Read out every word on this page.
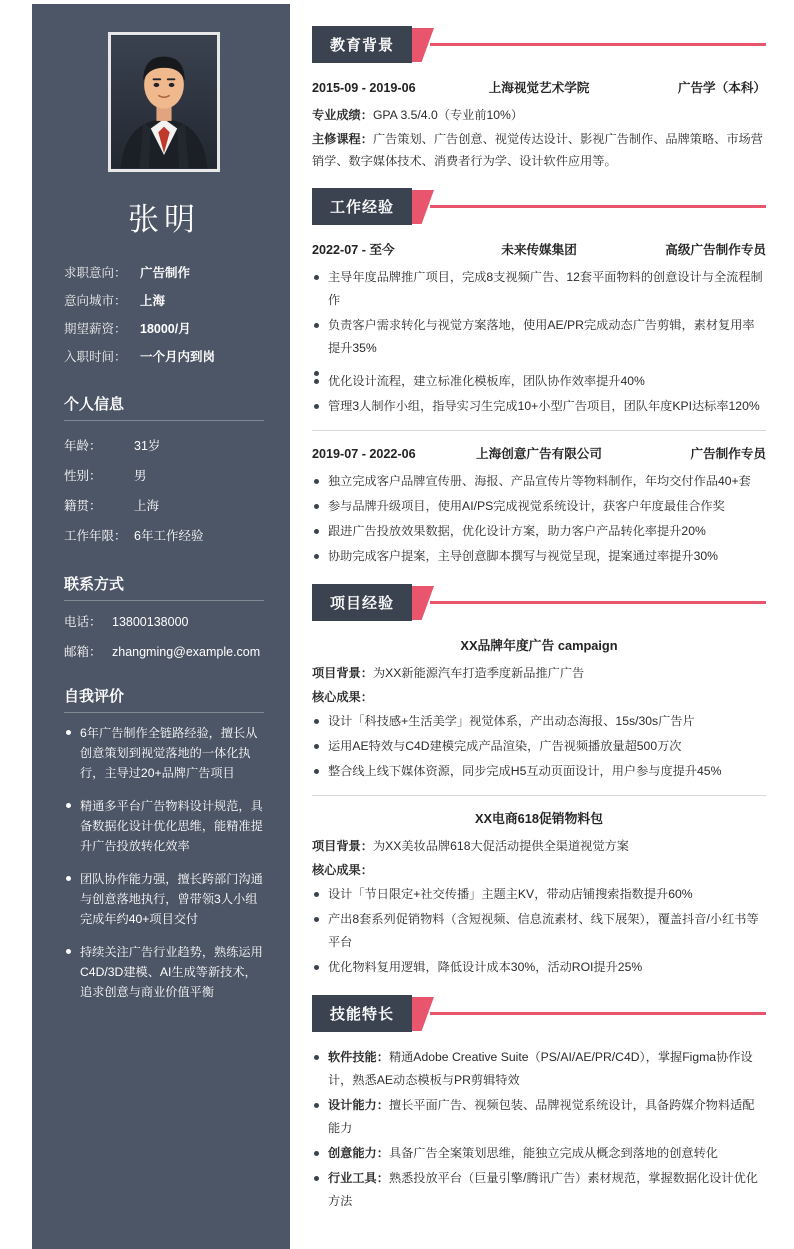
张明
求职意向：	广告制作
意向城市：	上海
期望薪资：	18000/月
入职时间：	一个月内到岗
个人信息
年龄：	31岁
性别：	男
籍贯：	上海
工作年限： 6年工作经验
联系方式
电话： 13800138000
邮箱： zhangming@example.com
自我评价
6年广告制作全链路经验，擅长从创意策划到视觉落地的一体化执行，主导过20+品牌广告项目
精通多平台广告物料设计规范，具备数据化设计优化思维，能精准提升广告投放转化效率
团队协作能力强，擅长跨部门沟通与创意落地执行，曾带领3人小组完成年约40+项目交付
持续关注广告行业趋势，熟练运用C4D/3D建模、AI生成等新技术，追求创意与商业价值平衡
教育背景
2015-09 - 2019-06	上海视觉艺术学院	广告学（本科）
专业成绩：GPA 3.5/4.0（专业前10%）
主修课程：广告策划、广告创意、视觉传达设计、影视广告制作、品牌策略、市场营销学、数字媒体技术、消费者行为学、设计软件应用等。
工作经验
2022-07 - 至今	未来传媒集团	高级广告制作专员
主导年度品牌推广项目，完成8支视频广告、12套平面物料的创意设计与全流程制作
负责客户需求转化与视觉方案落地，使用AE/PR完成动态广告剪辑，素材复用率提升35%
优化设计流程，建立标准化模板库，团队协作效率提升40%
管理3人制作小组，指导实习生完成10+小型广告项目，团队年度KPI达标率120%
2019-07 - 2022-06	上海创意广告有限公司	广告制作专员
独立完成客户品牌宣传册、海报、产品宣传片等物料制作，年均交付作品40+套
参与品牌升级项目，使用AI/PS完成视觉系统设计，获客户年度最佳合作奖
跟进广告投放效果数据，优化设计方案，助力客户产品转化率提升20%
协助完成客户提案，主导创意脚本撰写与视觉呈现，提案通过率提升30%
项目经验
XX品牌年度广告 campaign
项目背景：为XX新能源汽车打造季度新品推广广告
核心成果：
设计「科技感+生活美学」视觉体系，产出动态海报、15s/30s广告片
运用AE特效与C4D建模完成产品渲染，广告视频播放量超500万次
整合线上线下媒体资源，同步完成H5互动页面设计，用户参与度提升45%
XX电商618促销物料包
项目背景：为XX美妆品牌618大促活动提供全渠道视觉方案
核心成果：
设计「节日限定+社交传播」主题主KV，带动店铺搜索指数提升60%
产出8套系列促销物料（含短视频、信息流素材、线下展架），覆盖抖音/小红书等平台
优化物料复用逻辑，降低设计成本30%，活动ROI提升25%
技能特长
软件技能：精通Adobe Creative Suite（PS/AI/AE/PR/C4D），掌握Figma协作设计，熟悉AE动态模板与PR剪辑特效
设计能力：擅长平面广告、视频包装、品牌视觉系统设计，具备跨媒介物料适配能力
创意能力：具备广告全案策划思维，能独立完成从概念到落地的创意转化
行业工具：熟悉投放平台（巨量引擎/腾讯广告）素材规范，掌握数据化设计优化方法
